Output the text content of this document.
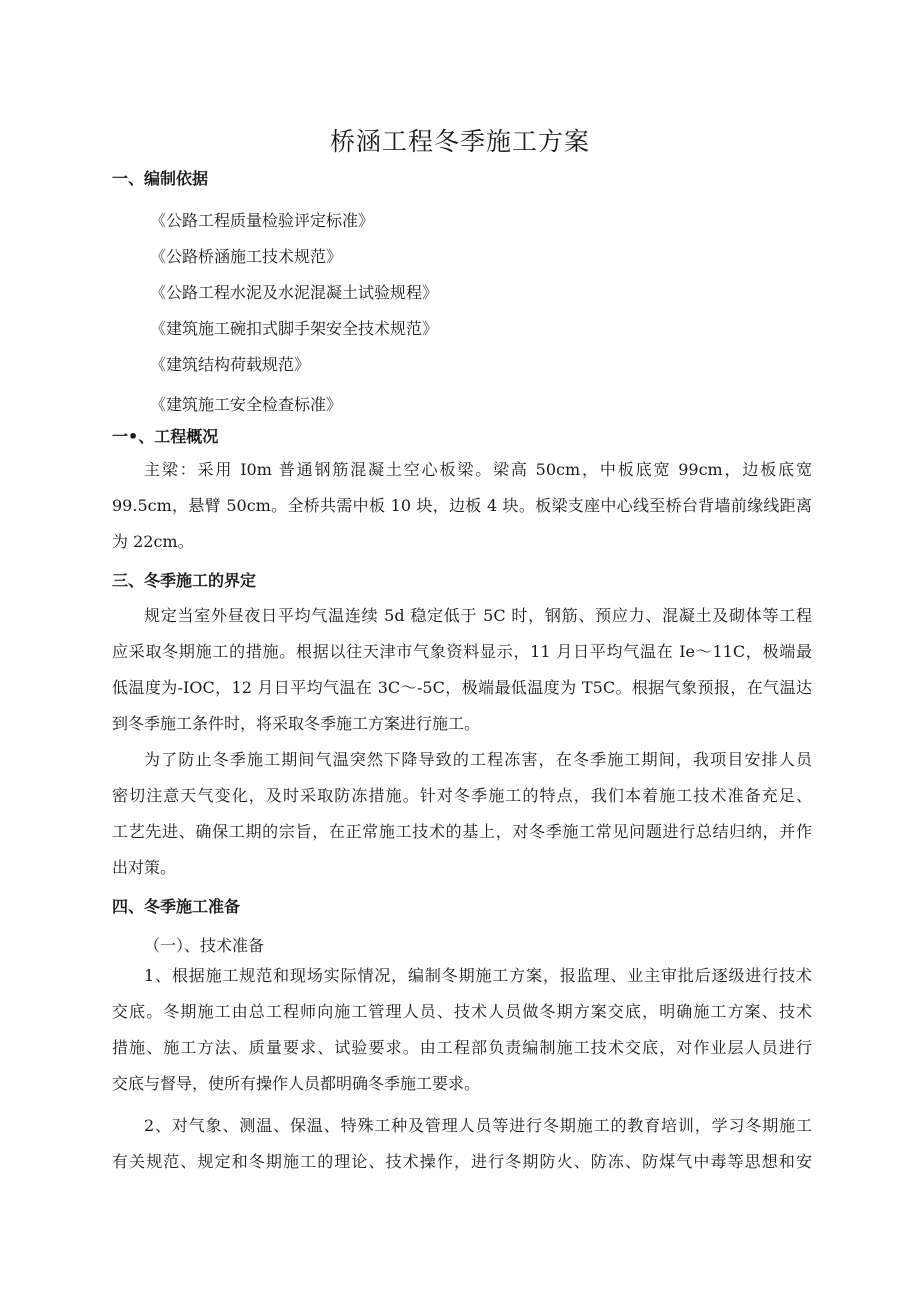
桥涵工程冬季施工方案
一、编制依据

《公路工程质量检验评定标准》

《公路桥涵施工技术规范》

《公路工程水泥及水泥混凝土试验规程》

《建筑施工碗扣式脚手架安全技术规范》

《建筑结构荷载规范》

《建筑施工安全检查标准》

一•、工程概况
主梁：采用 I0m 普通钢筋混凝土空心板梁。梁高 50cm，中板底宽 99cm，边板底宽
99.5cm，悬臂 50cm。全桥共需中板 10 块，边板 4 块。板梁支座中心线至桥台背墙前缘线距离
为 22cm。
三、冬季施工的界定
规定当室外昼夜日平均气温连续 5d 稳定低于 5C 时，钢筋、预应力、混凝土及砌体等工程
应采取冬期施工的措施。根据以往天津市气象资料显示，11 月日平均气温在 Ie～11C，极端最
低温度为-IOC，12 月日平均气温在 3C～-5C，极端最低温度为 T5C。根据气象预报，在气温达
到冬季施工条件时，将采取冬季施工方案进行施工。
为了防止冬季施工期间气温突然下降导致的工程冻害，在冬季施工期间，我项目安排人员
密切注意天气变化，及时采取防冻措施。针对冬季施工的特点，我们本着施工技术准备充足、
工艺先进、确保工期的宗旨，在正常施工技术的基上，对冬季施工常见问题进行总结归纳，并作
出对策。
四、冬季施工准备

（一）、技术准备

1、根据施工规范和现场实际情况，编制冬期施工方案，报监理、业主审批后逐级进行技术
交底。冬期施工由总工程师向施工管理人员、技术人员做冬期方案交底，明确施工方案、技术
措施、施工方法、质量要求、试验要求。由工程部负责编制施工技术交底，对作业层人员进行
交底与督导，使所有操作人员都明确冬季施工要求。
2、对气象、测温、保温、特殊工种及管理人员等进行冬期施工的教育培训，学习冬期施工
有关规范、规定和冬期施工的理论、技术操作，进行冬期防火、防冻、防煤气中毒等思想和安
